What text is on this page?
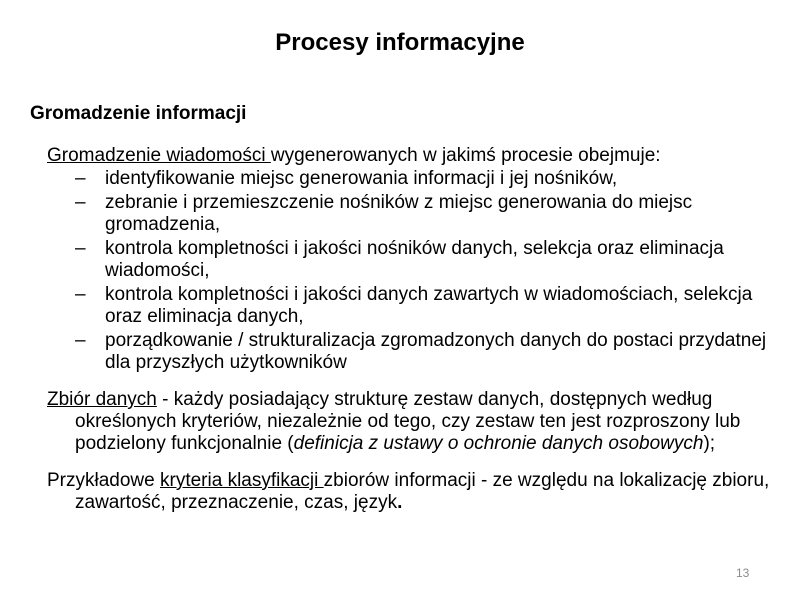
Procesy informacyjne
Gromadzenie informacji

Gromadzenie wiadomości wygenerowanych w jakimś procesie obejmuje:

– identyfikowanie miejsc generowania informacji i jej nośników,
– zebranie i przemieszczenie nośników z miejsc generowania do miejsc gromadzenia,
– kontrola kompletności i jakości nośników danych, selekcja oraz eliminacja wiadomości,
– kontrola kompletności i jakości danych zawartych w wiadomościach, selekcja oraz eliminacja danych,
– porządkowanie / strukturalizacja zgromadzonych danych do postaci przydatnej dla przyszłych użytkowników

Zbiór danych - każdy posiadający strukturę zestaw danych, dostępnych według określonych kryteriów, niezależnie od tego, czy zestaw ten jest rozproszony lub podzielony funkcjonalnie (definicja z ustawy o ochronie danych osobowych);

Przykładowe kryteria klasyfikacji zbiorów informacji - ze względu na lokalizację zbioru, zawartość, przeznaczenie, czas, język.

13
